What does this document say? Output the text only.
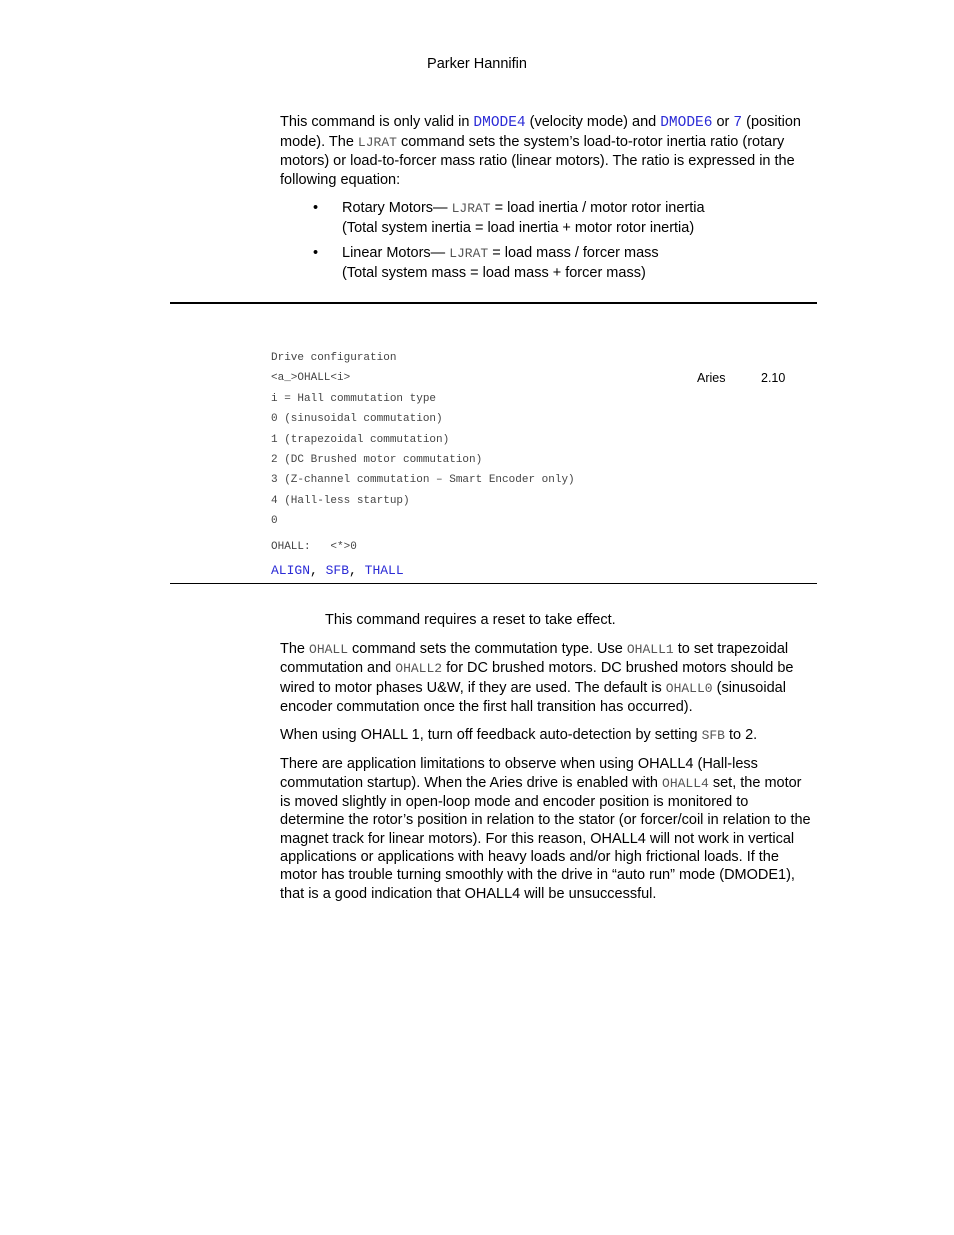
Parker Hannifin

This command is only valid in DMODE4 (velocity mode) and DMODE6 or 7 (position mode). The LJRAT command sets the system’s load-to-rotor inertia ratio (rotary motors) or load-to-forcer mass ratio (linear motors). The ratio is expressed in the following equation:

• Rotary Motors— LJRAT = load inertia / motor rotor inertia
(Total system inertia = load inertia + motor rotor inertia)
• Linear Motors— LJRAT = load mass / forcer mass
(Total system mass = load mass + forcer mass)
Drive configuration
<a_>OHALL<i>
i = Hall commutation type
0 (sinusoidal commutation)
1 (trapezoidal commutation)
2 (DC Brushed motor commutation)
3 (Z-channel commutation – Smart Encoder only)
4 (Hall-less startup)
0
Aries	2.10
OHALL:   <*>0
ALIGN, SFB, THALL
This command requires a reset to take effect.

The OHALL command sets the commutation type. Use OHALL1 to set trapezoidal commutation and OHALL2 for DC brushed motors. DC brushed motors should be wired to motor phases U&W, if they are used. The default is OHALL0 (sinusoidal encoder commutation once the first hall transition has occurred).

When using OHALL 1, turn off feedback auto-detection by setting SFB to 2.

There are application limitations to observe when using OHALL4 (Hall-less commutation startup). When the Aries drive is enabled with OHALL4 set, the motor is moved slightly in open-loop mode and encoder position is monitored to determine the rotor’s position in relation to the stator (or forcer/coil in relation to the magnet track for linear motors). For this reason, OHALL4 will not work in vertical applications or applications with heavy loads and/or high frictional loads. If the motor has trouble turning smoothly with the drive in “auto run” mode (DMODE1), that is a good indication that OHALL4 will be unsuccessful.
